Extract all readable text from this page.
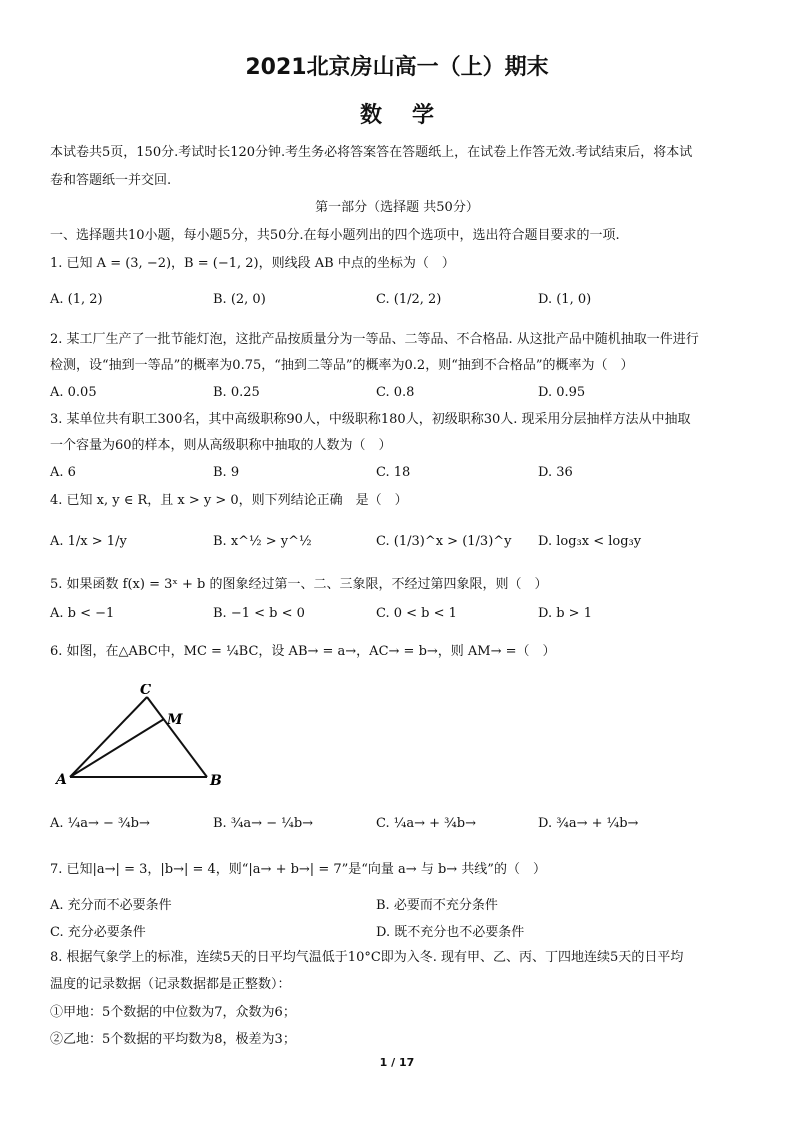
2021北京房山高一（上）期末
数学
本试卷共5页，150分.考试时长120分钟.考生务必将答案答在答题纸上，在试卷上作答无效.考试结束后，将本试
卷和答题纸一并交回.
第一部分（选择题 共50分）
一、选择题共10小题，每小题5分，共50分.在每小题列出的四个选项中，选出符合题目要求的一项.
1. 已知 A = (3, −2)，B = (−1, 2)，则线段 AB 中点的坐标为（　）
A. (1, 2)	B. (2, 0)	C. (1/2, 2)	D. (1, 0)
2. 某工厂生产了一批节能灯泡，这批产品按质量分为一等品、二等品、不合格品. 从这批产品中随机抽取一件进行
检测，设“抽到一等品”的概率为0.75，“抽到二等品”的概率为0.2，则“抽到不合格品”的概率为（　）
A. 0.05	B. 0.25	C. 0.8	D. 0.95
3. 某单位共有职工300名，其中高级职称90人，中级职称180人，初级职称30人. 现采用分层抽样方法从中抽取
一个容量为60的样本，则从高级职称中抽取的人数为（　）
A. 6	B. 9	C. 18	D. 36
4. 已知 x, y ∈ R，且 x > y > 0，则下列结论正确　是（　）
A. 1/x > 1/y	B. x^½ > y^½	C. (1/3)^x > (1/3)^y D. log₃x < log₃y
5. 如果函数 f(x) = 3ˣ + b 的图象经过第一、二、三象限，不经过第四象限，则（　）
A. b < −1	B. −1 < b < 0	C. 0 < b < 1	D. b > 1
6. 如图，在△ABC中，MC = ¼BC，设 AB→ = a→，AC→ = b→，则 AM→ =（　）
C
M
A	B
A. ¼a→ − ¾b→	B. ¾a→ − ¼b→	C. ¼a→ + ¾b→	D. ¾a→ + ¼b→
7. 已知|a→| = 3，|b→| = 4，则“|a→ + b→| = 7”是“向量 a→ 与 b→ 共线”的（　）
A. 充分而不必要条件	B. 必要而不充分条件
C. 充分必要条件	D. 既不充分也不必要条件
8. 根据气象学上的标准，连续5天的日平均气温低于10°C即为入冬. 现有甲、乙、丙、丁四地连续5天的日平均
温度的记录数据（记录数据都是正整数）：
①甲地：5个数据的中位数为7，众数为6；
②乙地：5个数据的平均数为8，极差为3；
1 / 17
